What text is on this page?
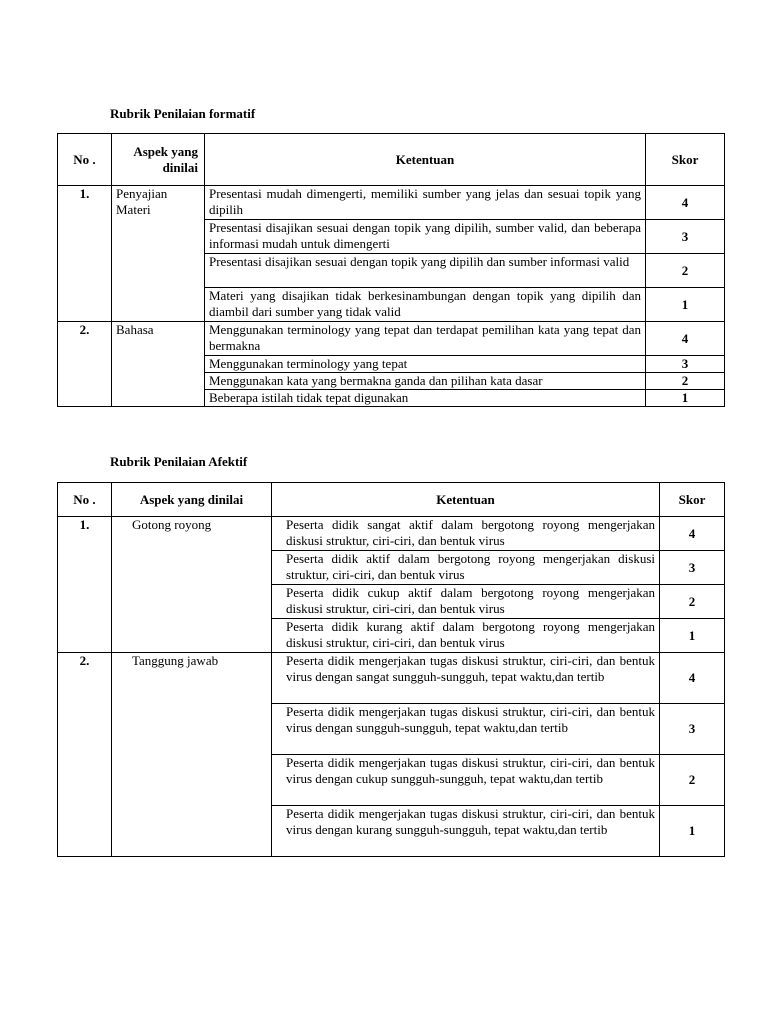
Rubrik Penilaian formatif
No .	Aspek yang dinilai	Ketentuan	Skor
1.	Penyajian Materi	Presentasi mudah dimengerti, memiliki sumber yang jelas dan sesuai topik yang dipilih	4
		Presentasi disajikan sesuai dengan topik yang dipilih, sumber valid, dan beberapa informasi mudah untuk dimengerti	3
		Presentasi disajikan sesuai dengan topik yang dipilih dan sumber informasi valid	2
		Materi yang disajikan tidak berkesinambungan dengan topik yang dipilih dan diambil dari sumber yang tidak valid	1
2.	Bahasa	Menggunakan terminology yang tepat dan terdapat pemilihan kata yang tepat dan bermakna	4
		Menggunakan terminology yang tepat	3
		Menggunakan kata yang bermakna ganda dan pilihan kata dasar	2
		Beberapa istilah tidak tepat digunakan	1
Rubrik Penilaian Afektif
No .	Aspek yang dinilai	Ketentuan	Skor
1.	Gotong royong	Peserta didik sangat aktif dalam bergotong royong mengerjakan diskusi struktur, ciri-ciri, dan bentuk virus	4
		Peserta didik aktif dalam bergotong royong mengerjakan diskusi struktur, ciri-ciri, dan bentuk virus	3
		Peserta didik cukup aktif dalam bergotong royong mengerjakan diskusi struktur, ciri-ciri, dan bentuk virus	2
		Peserta didik kurang aktif dalam bergotong royong mengerjakan diskusi struktur, ciri-ciri, dan bentuk virus	1
2.	Tanggung jawab	Peserta didik mengerjakan tugas diskusi struktur, ciri-ciri, dan bentuk virus dengan sangat sungguh-sungguh, tepat waktu,dan tertib	4
		Peserta didik mengerjakan tugas diskusi struktur, ciri-ciri, dan bentuk virus dengan sungguh-sungguh, tepat waktu,dan tertib	3
		Peserta didik mengerjakan tugas diskusi struktur, ciri-ciri, dan bentuk virus dengan cukup sungguh-sungguh, tepat waktu,dan tertib	2
		Peserta didik mengerjakan tugas diskusi struktur, ciri-ciri, dan bentuk virus dengan kurang sungguh-sungguh, tepat waktu,dan tertib	1
